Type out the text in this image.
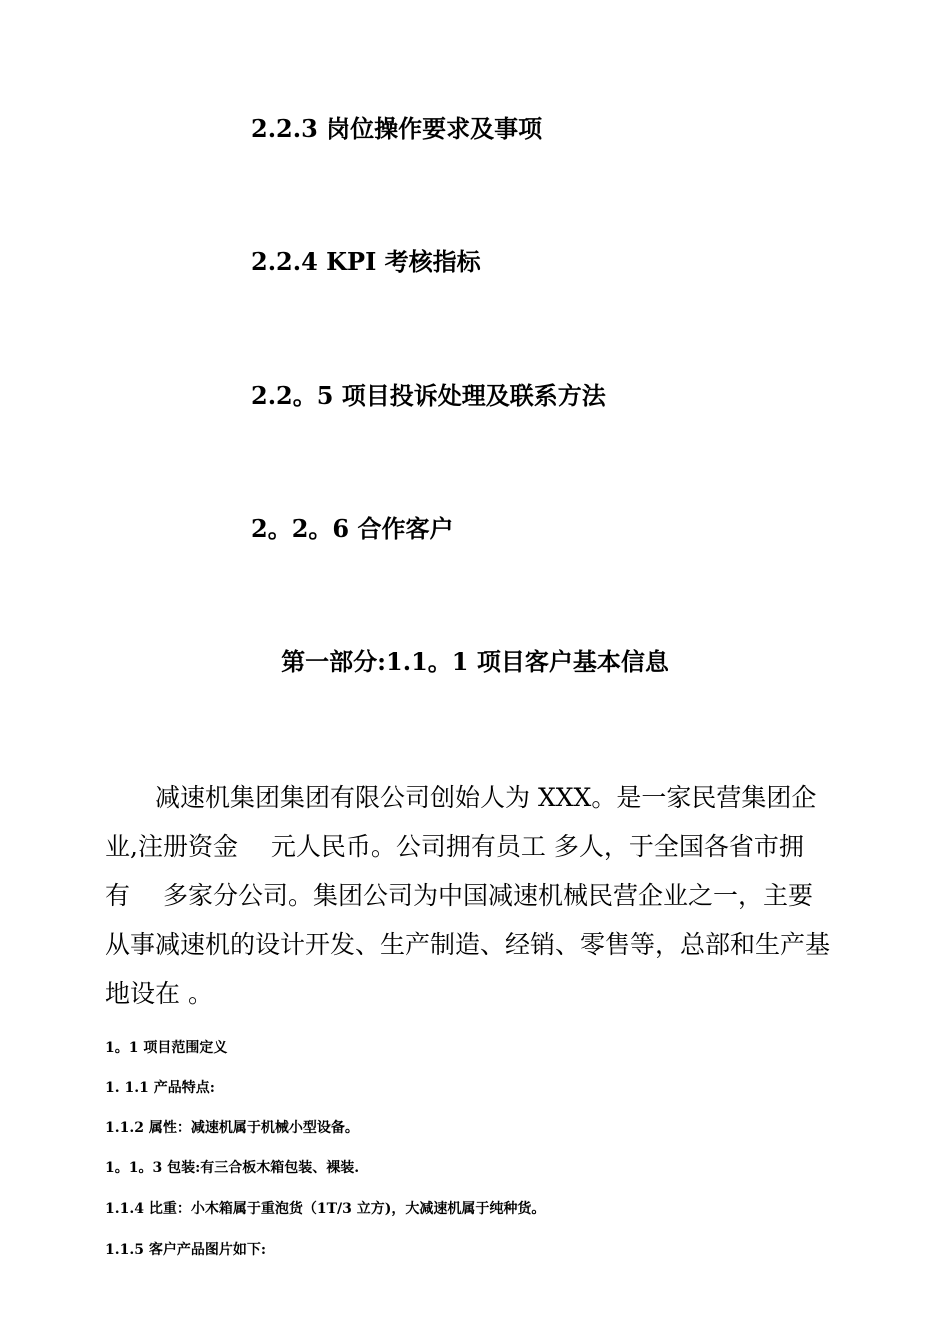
2.2.3 岗位操作要求及事项
2.2.4 KPI 考核指标
2.2。5 项目投诉处理及联系方法
2。2。6 合作客户
第一部分:1.1。1 项目客户基本信息
　　减速机集团集团有限公司创始人为 XXX。是一家民营集团企
业,注册资金　 元人民币。公司拥有员工 多人，于全国各省市拥
有　 多家分公司。集团公司为中国减速机械民营企业之一，主要
从事减速机的设计开发、生产制造、经销、零售等，总部和生产基
地设在 。
1。1 项目范围定义
1. 1.1 产品特点:
1.1.2 属性：减速机属于机械小型设备。
1。1。3 包装:有三合板木箱包装、裸装.
1.1.4 比重：小木箱属于重泡货（1T/3 立方)，大减速机属于纯种货。
1.1.5 客户产品图片如下:
